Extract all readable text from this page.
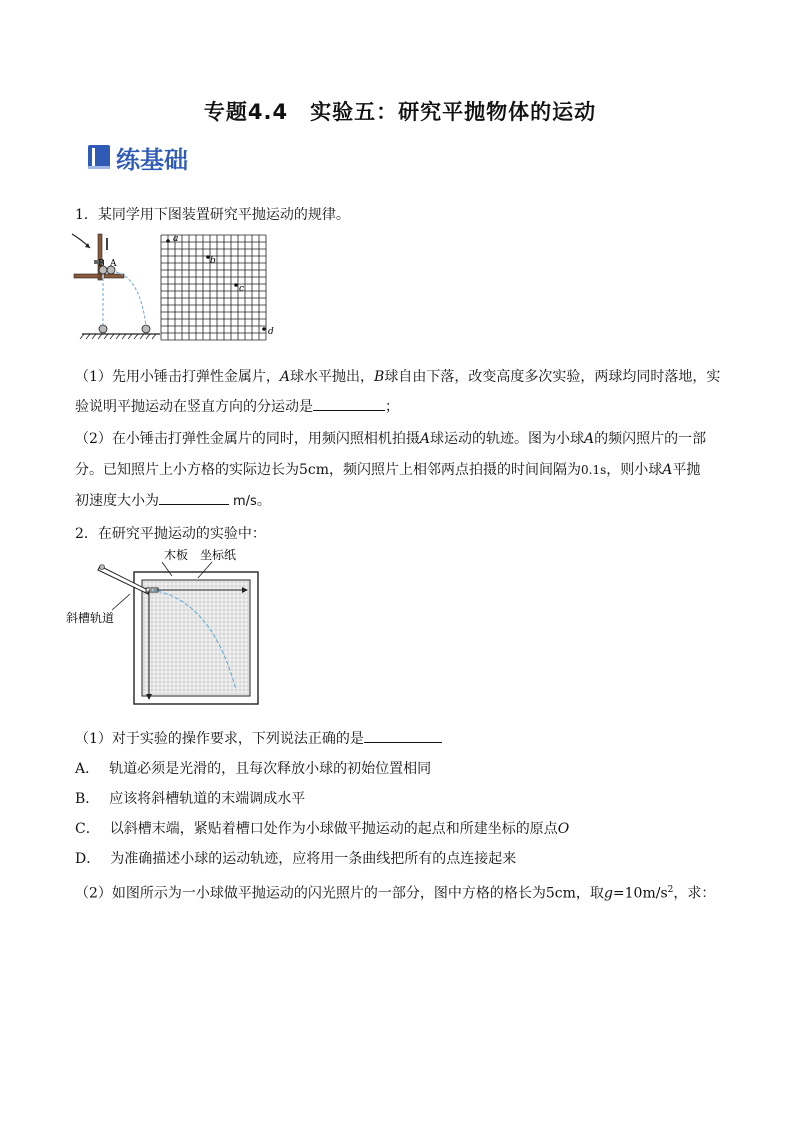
专题4.4　实验五：研究平抛物体的运动
练基础
1．某同学用下图装置研究平抛运动的规律。
B A
a
b
c
d
（1）先用小锤击打弹性金属片，A球水平抛出，B球自由下落，改变高度多次实验，两球均同时落地，实
验说明平抛运动在竖直方向的分运动是	；
（2）在小锤击打弹性金属片的同时，用频闪照相机拍摄A球运动的轨迹。图为小球A的频闪照片的一部
分。已知照片上小方格的实际边长为5cm，频闪照片上相邻两点拍摄的时间间隔为0.1s，则小球A平抛
初速度大小为	m/s。
2．在研究平抛运动的实验中：
木板 坐标纸
斜槽轨道
（1）对于实验的操作要求，下列说法正确的是
A． 轨道必须是光滑的，且每次释放小球的初始位置相同
B． 应该将斜槽轨道的末端调成水平
C． 以斜槽末端，紧贴着槽口处作为小球做平抛运动的起点和所建坐标的原点O
D． 为准确描述小球的运动轨迹，应将用一条曲线把所有的点连接起来
（2）如图所示为一小球做平抛运动的闪光照片的一部分，图中方格的格长为5cm，取$g=10m/s^2$，求：
